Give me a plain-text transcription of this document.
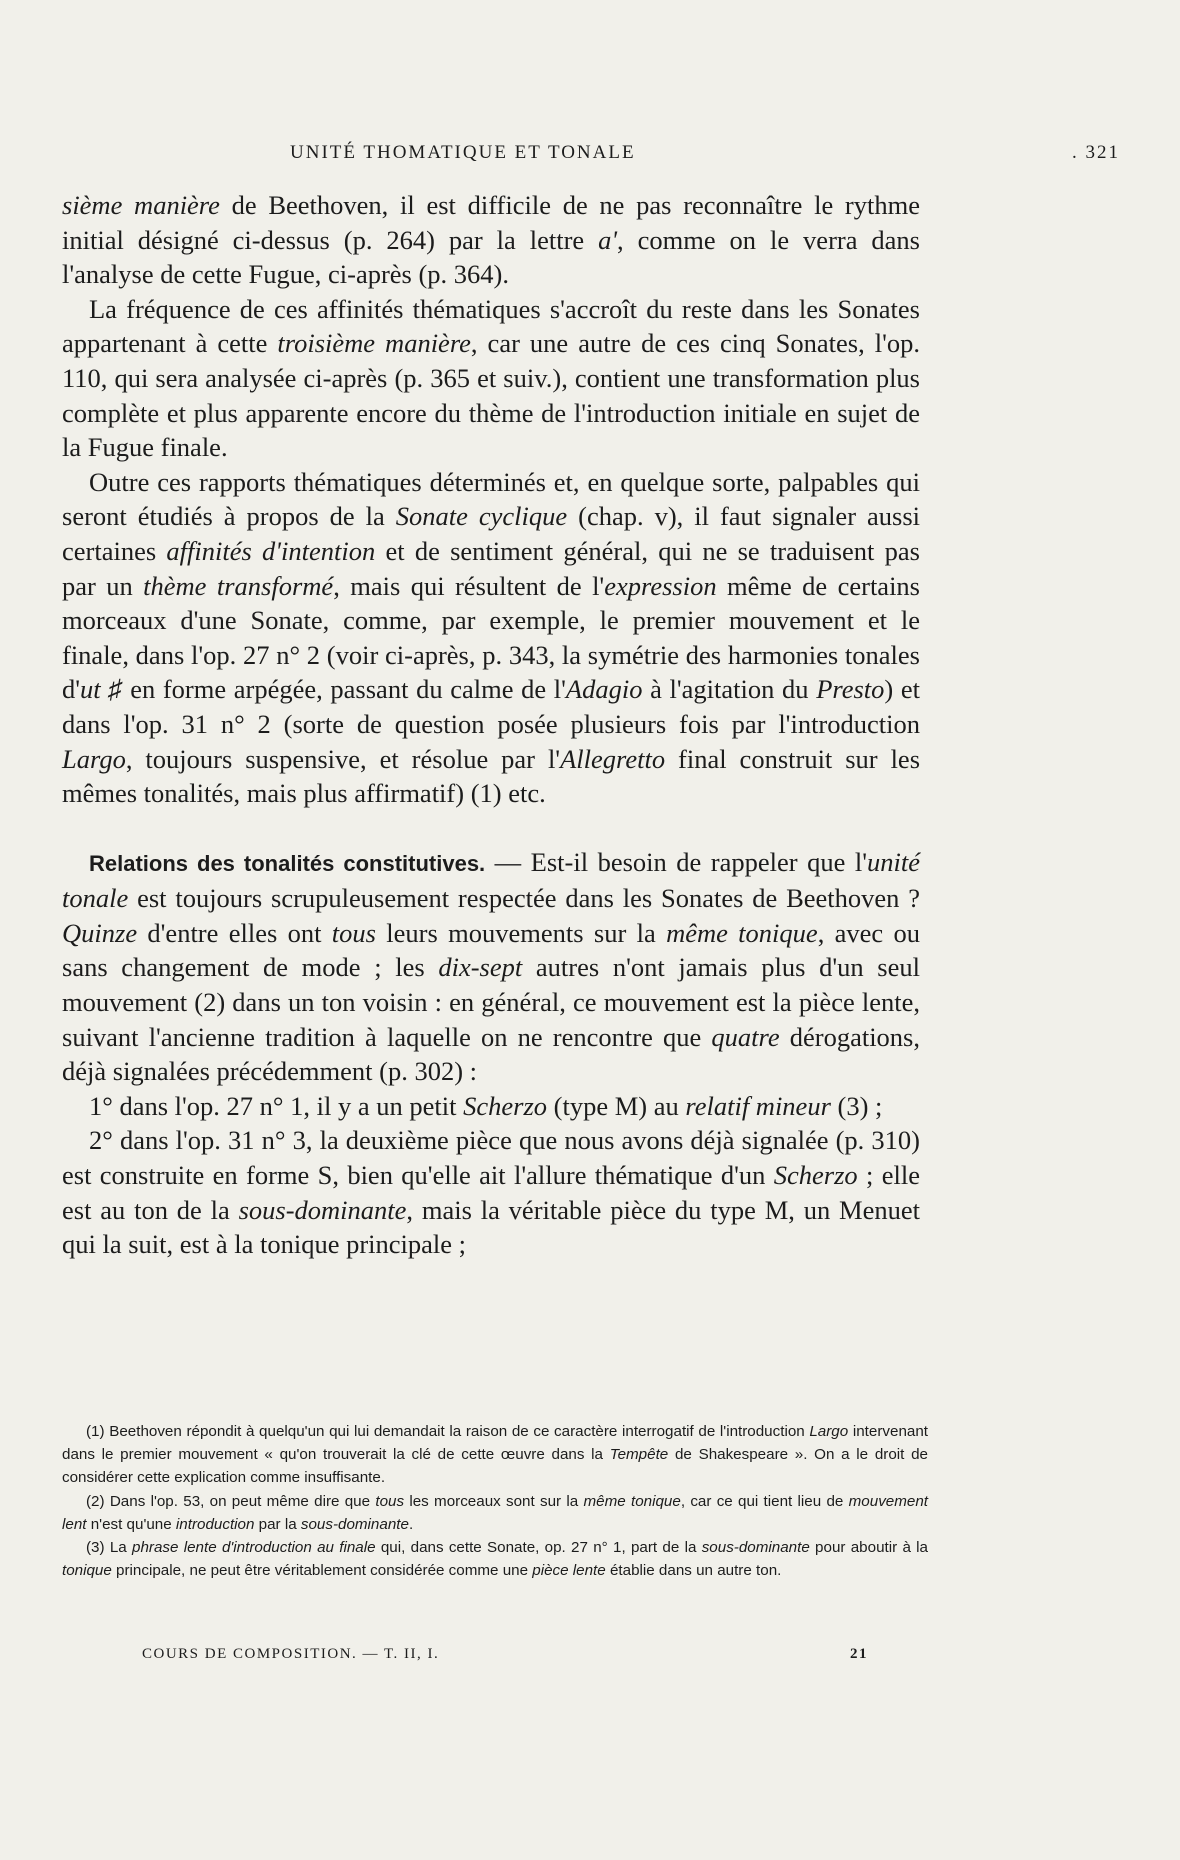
UNITÉ THOMATIQUE ET TONALE	. 321

sième manière de Beethoven, il est difficile de ne pas reconnaître le rythme initial désigné ci-dessus (p. 264) par la lettre a', comme on le verra dans l'analyse de cette Fugue, ci-après (p. 364).

La fréquence de ces affinités thématiques s'accroît du reste dans les Sonates appartenant à cette troisième manière, car une autre de ces cinq Sonates, l'op. 110, qui sera analysée ci-après (p. 365 et suiv.), contient une transformation plus complète et plus apparente encore du thème de l'introduction initiale en sujet de la Fugue finale.

Outre ces rapports thématiques déterminés et, en quelque sorte, palpables qui seront étudiés à propos de la Sonate cyclique (chap. v), il faut signaler aussi certaines affinités d'intention et de sentiment général, qui ne se traduisent pas par un thème transformé, mais qui résultent de l'expression même de certains morceaux d'une Sonate, comme, par exemple, le premier mouvement et le finale, dans l'op. 27 n° 2 (voir ci-après, p. 343, la symétrie des harmonies tonales d'ut ♯ en forme arpégée, passant du calme de l'Adagio à l'agitation du Presto) et dans l'op. 31 n° 2 (sorte de question posée plusieurs fois par l'introduction Largo, toujours suspensive, et résolue par l'Allegretto final construit sur les mêmes tonalités, mais plus affirmatif) (1) etc.

Relations des tonalités constitutives. — Est-il besoin de rappeler que l'unité tonale est toujours scrupuleusement respectée dans les Sonates de Beethoven ? Quinze d'entre elles ont tous leurs mouvements sur la même tonique, avec ou sans changement de mode ; les dix-sept autres n'ont jamais plus d'un seul mouvement (2) dans un ton voisin : en général, ce mouvement est la pièce lente, suivant l'ancienne tradition à laquelle on ne rencontre que quatre dérogations, déjà signalées précédemment (p. 302) :

1° dans l'op. 27 n° 1, il y a un petit Scherzo (type M) au relatif mineur (3) ;

2° dans l'op. 31 n° 3, la deuxième pièce que nous avons déjà signalée (p. 310) est construite en forme S, bien qu'elle ait l'allure thématique d'un Scherzo ; elle est au ton de la sous-dominante, mais la véritable pièce du type M, un Menuet qui la suit, est à la tonique principale ;

(1) Beethoven répondit à quelqu'un qui lui demandait la raison de ce caractère interrogatif de l'introduction Largo intervenant dans le premier mouvement « qu'on trouverait la clé de cette œuvre dans la Tempête de Shakespeare ». On a le droit de considérer cette explication comme insuffisante.

(2) Dans l'op. 53, on peut même dire que tous les morceaux sont sur la même tonique, car ce qui tient lieu de mouvement lent n'est qu'une introduction par la sous-dominante.

(3) La phrase lente d'introduction au finale qui, dans cette Sonate, op. 27 n° 1, part de la sous-dominante pour aboutir à la tonique principale, ne peut être véritablement considérée comme une pièce lente établie dans un autre ton.

COURS DE COMPOSITION. — T. II, I.	21
